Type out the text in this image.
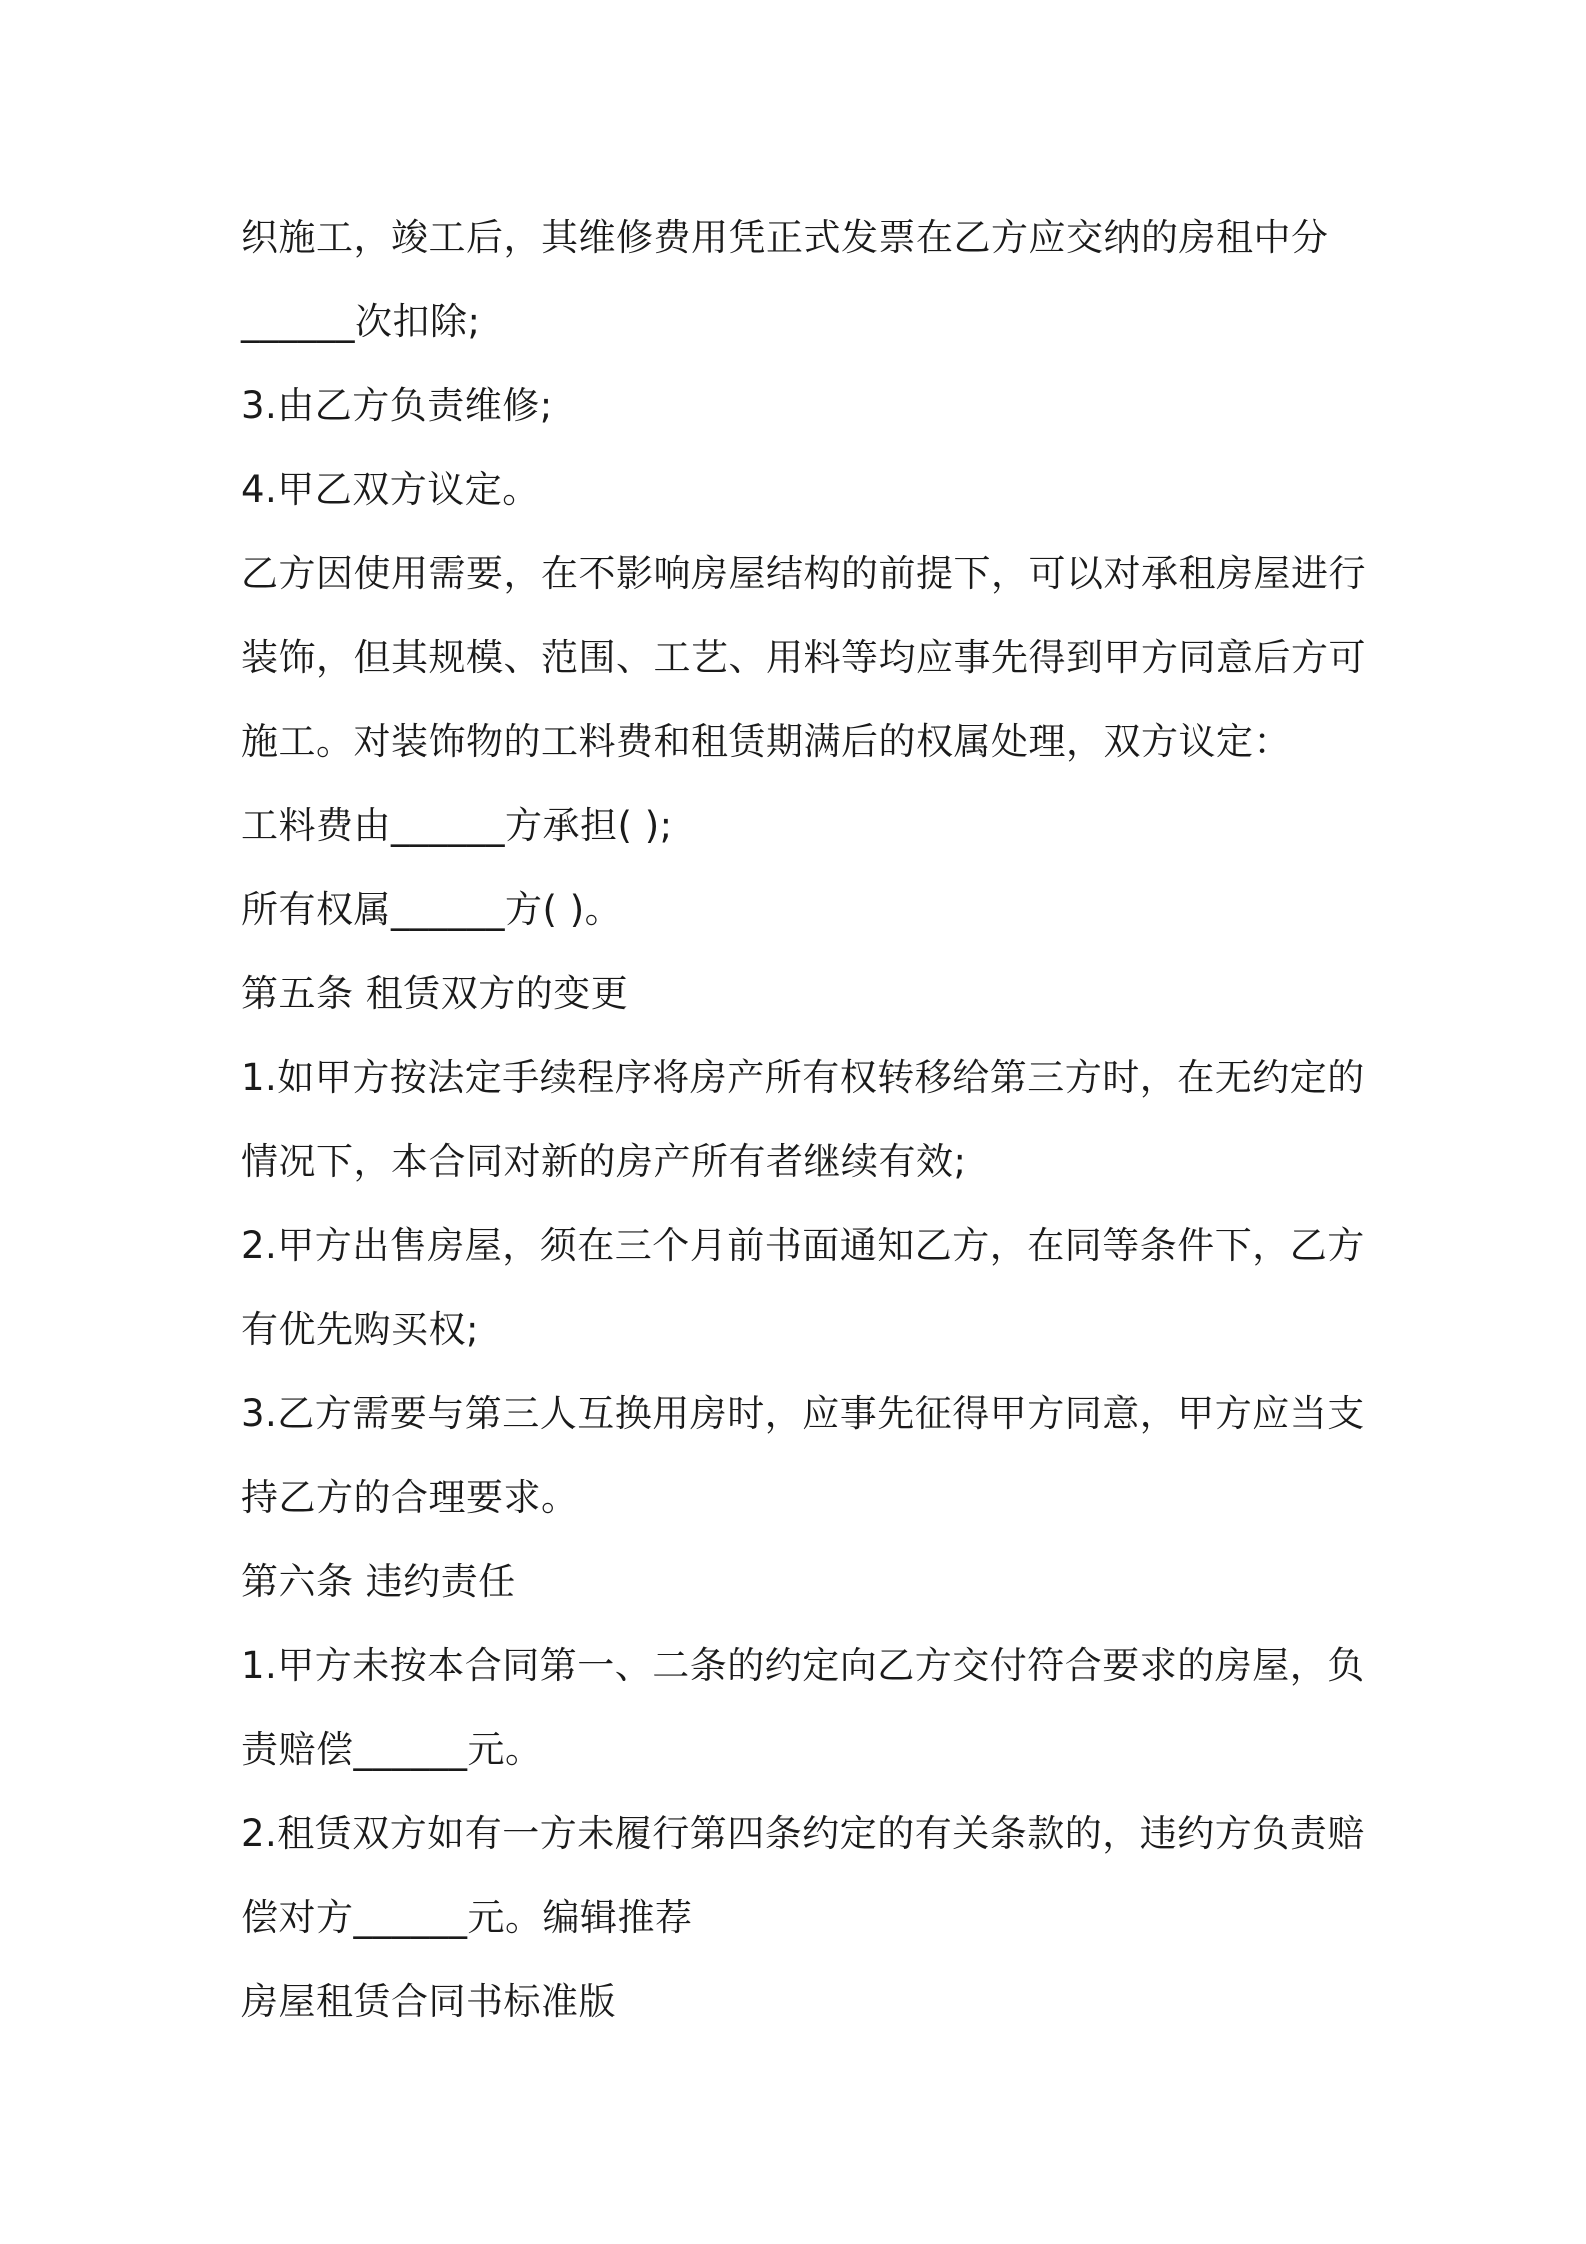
织施工，竣工后，其维修费用凭正式发票在乙方应交纳的房租中分
______次扣除;
3.由乙方负责维修;
4.甲乙双方议定。
乙方因使用需要，在不影响房屋结构的前提下，可以对承租房屋进行
装饰，但其规模、范围、工艺、用料等均应事先得到甲方同意后方可
施工。对装饰物的工料费和租赁期满后的权属处理，双方议定：
工料费由______方承担( );
所有权属______方( )。
第五条 租赁双方的变更
1.如甲方按法定手续程序将房产所有权转移给第三方时，在无约定的
情况下，本合同对新的房产所有者继续有效;
2.甲方出售房屋，须在三个月前书面通知乙方，在同等条件下，乙方
有优先购买权;
3.乙方需要与第三人互换用房时，应事先征得甲方同意，甲方应当支
持乙方的合理要求。
第六条 违约责任
1.甲方未按本合同第一、二条的约定向乙方交付符合要求的房屋，负
责赔偿______元。
2.租赁双方如有一方未履行第四条约定的有关条款的，违约方负责赔
偿对方______元。编辑推荐
房屋租赁合同书标准版
